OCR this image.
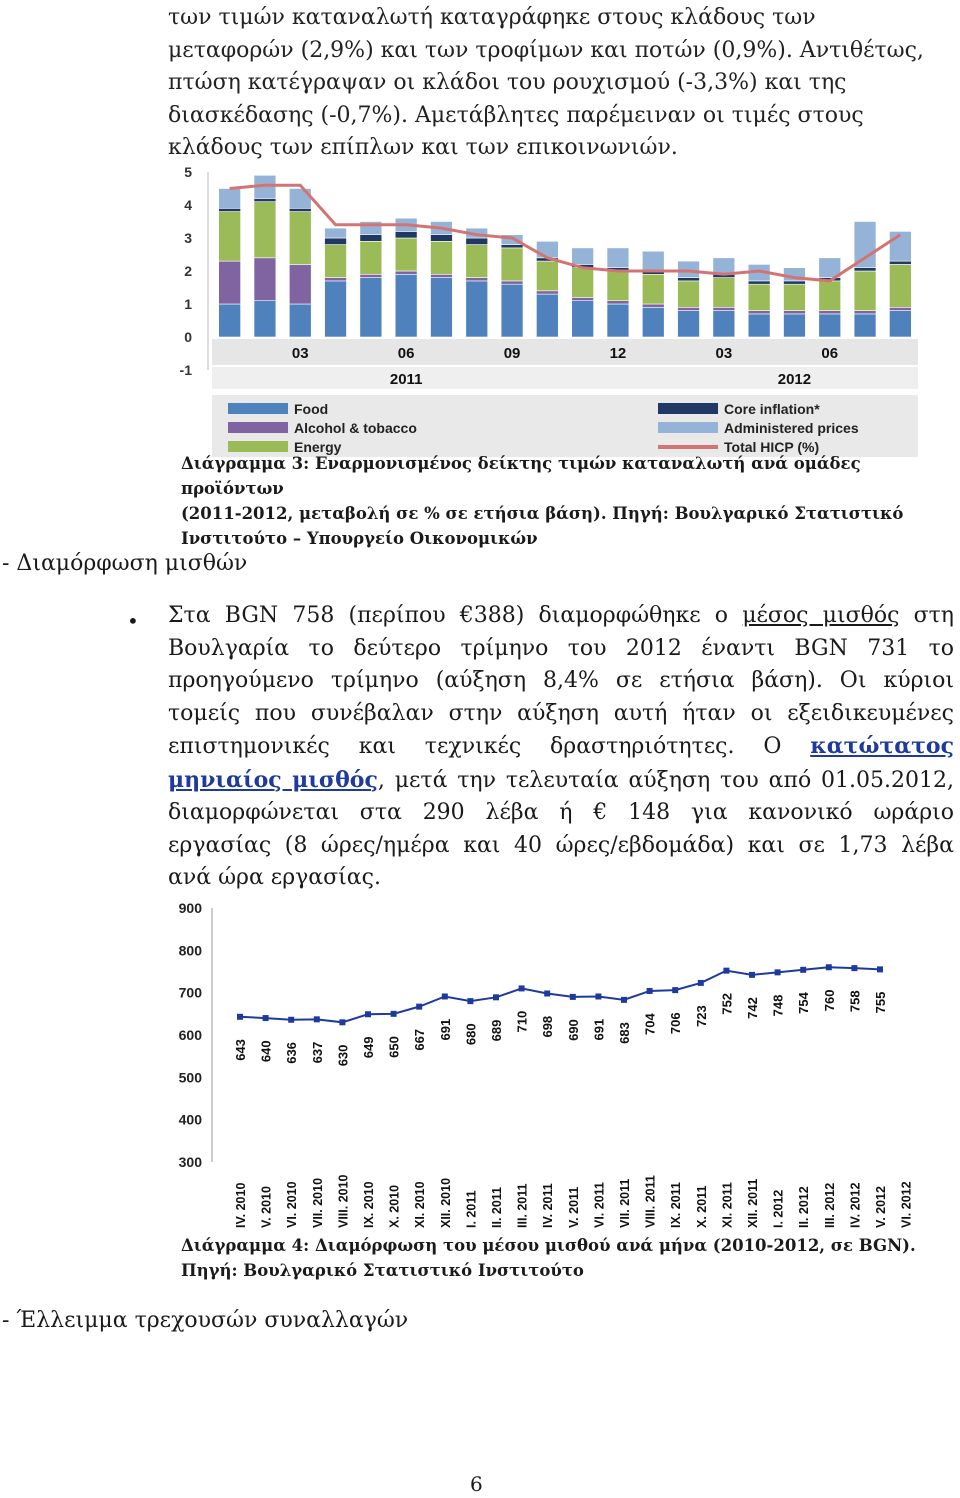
των τιμών καταναλωτή καταγράφηκε στους κλάδους των
μεταφορών (2,9%) και των τροφίμων και ποτών (0,9%). Αντιθέτως,
πτώση κατέγραψαν οι κλάδοι του ρουχισμού (-3,3%) και της
διασκέδασης (-0,7%). Αμετάβλητες παρέμειναν οι τιμές στους
κλάδους των επίπλων και των επικοινωνιών.

5
4
3
2
1
0
-1
03	06	09	12	03	06
2011	2012
Food
Alcohol & tobacco
Energy
Core inflation*
Administered prices
Total HICP (%)

Διάγραμμα 3: Εναρμονισμένος δείκτης τιμών καταναλωτή ανά ομάδες προϊόντων
(2011-2012, μεταβολή σε % σε ετήσια βάση). Πηγή: Βουλγαρικό Στατιστικό
Ινστιτούτο – Υπουργείο Οικονομικών

- Διαμόρφωση μισθών
• Στα BGN 758 (περίπου €388) διαμορφώθηκε ο μέσος μισθός στη
Βουλγαρία το δεύτερο τρίμηνο του 2012 έναντι BGN 731 το
προηγούμενο τρίμηνο (αύξηση 8,4% σε ετήσια βάση). Οι κύριοι
τομείς που συνέβαλαν στην αύξηση αυτή ήταν οι εξειδικευμένες
επιστημονικές και τεχνικές δραστηριότητες. Ο κατώτατος
μηνιαίος μισθός, μετά την τελευταία αύξηση του από 01.05.2012,
διαμορφώνεται στα 290 λέβα ή € 148 για κανονικό ωράριο
εργασίας (8 ώρες/ημέρα και 40 ώρες/εβδομάδα) και σε 1,73 λέβα
ανά ώρα εργασίας.
900
800
700
600
500
400
300
643 640 636 637 630 649 650 667 691 680 689 710 698 690 691 683 704 706 723
752 742 748 754 760 758 755
IV. 2010 V. 2010 VI. 2010 VII. 2010 VIII. 2010 IX. 2010 X. 2010 XI. 2010 XII. 2010 I. 2011 II. 2011 III. 2011 IV. 2011 V. 2011 VI. 2011 VII. 2011 VIII. 2011 IX. 2011 X. 2011 XI. 2011 XII. 2011 I. 2012 II. 2012 III. 2012 IV. 2012 V. 2012 VI. 2012

Διάγραμμα 4: Διαμόρφωση του μέσου μισθού ανά μήνα (2010-2012, σε BGN).
Πηγή: Βουλγαρικό Στατιστικό Ινστιτούτο

- Έλλειμμα τρεχουσών συναλλαγών
6
